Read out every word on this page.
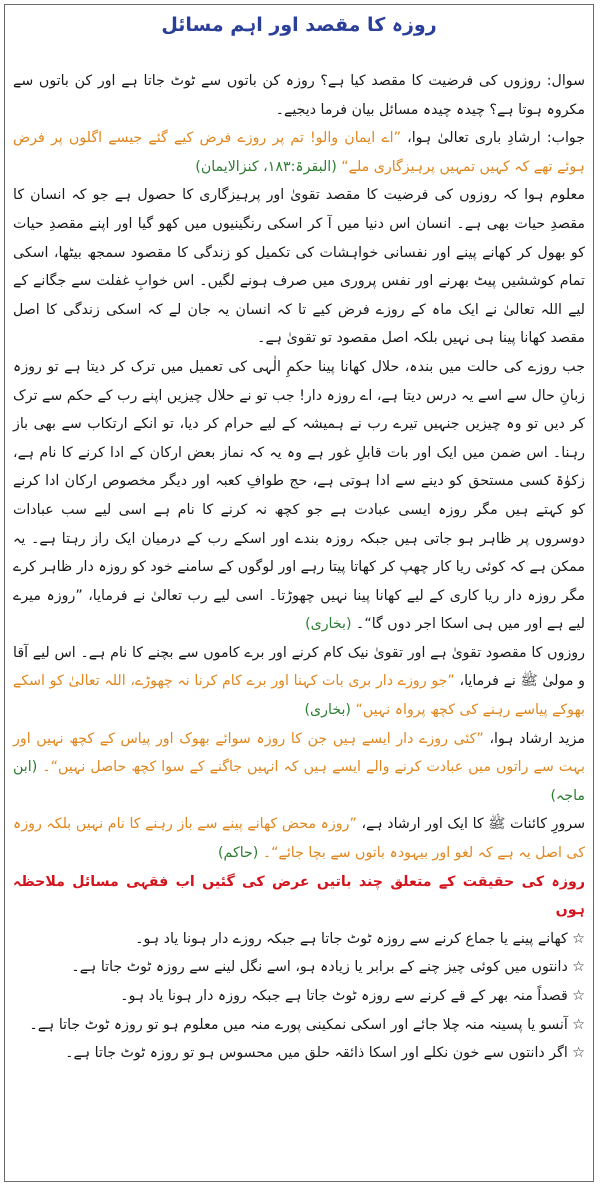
روزہ کا مقصد اور اہم مسائل

سوال: روزوں کی فرضیت کا مقصد کیا ہے؟ روزہ کن باتوں سے ٹوٹ جاتا ہے اور کن باتوں سے مکروہ ہوتا ہے؟ چیدہ چیدہ مسائل بیان فرما دیجیے۔

جواب: ارشادِ باری تعالیٰ ہوا، ”اے ایمان والو! تم پر روزے فرض کیے گئے جیسے اگلوں پر فرض ہوئے تھے کہ کہیں تمہیں پرہیزگاری ملے“ (البقرۃ:۱۸۳، کنزالایمان)

معلوم ہوا کہ روزوں کی فرضیت کا مقصد تقویٰ اور پرہیزگاری کا حصول ہے جو کہ انسان کا مقصدِ حیات بھی ہے۔ انسان اس دنیا میں آ کر اسکی رنگینیوں میں کھو گیا اور اپنے مقصدِ حیات کو بھول کر کھانے پینے اور نفسانی خواہشات کی تکمیل کو زندگی کا مقصود سمجھ بیٹھا، اسکی تمام کوششیں پیٹ بھرنے اور نفس پروری میں صرف ہونے لگیں۔ اس خوابِ غفلت سے جگانے کے لیے اللہ تعالیٰ نے ایک ماہ کے روزے فرض کیے تا کہ انسان یہ جان لے کہ اسکی زندگی کا اصل مقصد کھانا پینا ہی نہیں بلکہ اصل مقصود تو تقویٰ ہے۔

جب روزے کی حالت میں بندہ، حلال کھانا پینا حکمِ الٰہی کی تعمیل میں ترک کر دیتا ہے تو روزہ زبانِ حال سے اسے یہ درس دیتا ہے، اے روزہ دار! جب تو نے حلال چیزیں اپنے رب کے حکم سے ترک کر دیں تو وہ چیزیں جنہیں تیرے رب نے ہمیشہ کے لیے حرام کر دیا، تو انکے ارتکاب سے بھی باز رہنا۔ اس ضمن میں ایک اور بات قابلِ غور ہے وہ یہ کہ نماز بعض ارکان کے ادا کرنے کا نام ہے، زکوٰۃ کسی مستحق کو دینے سے ادا ہوتی ہے، حج طوافِ کعبہ اور دیگر مخصوص ارکان ادا کرنے کو کہتے ہیں مگر روزہ ایسی عبادت ہے جو کچھ نہ کرنے کا نام ہے اسی لیے سب عبادات دوسروں پر ظاہر ہو جاتی ہیں جبکہ روزہ بندے اور اسکے رب کے درمیان ایک راز رہتا ہے۔ یہ ممکن ہے کہ کوئی ریا کار چھپ کر کھاتا پیتا رہے اور لوگوں کے سامنے خود کو روزہ دار ظاہر کرے مگر روزہ دار ریا کاری کے لیے کھانا پینا نہیں چھوڑتا۔ اسی لیے رب تعالیٰ نے فرمایا، ”روزہ میرے لیے ہے اور میں ہی اسکا اجر دوں گا“۔ (بخاری)

روزوں کا مقصود تقویٰ ہے اور تقویٰ نیک کام کرنے اور برے کاموں سے بچنے کا نام ہے۔ اس لیے آقا و مولیٰ ﷺ نے فرمایا، ”جو روزے دار بری بات کہنا اور برے کام کرنا نہ چھوڑے، اللہ تعالیٰ کو اسکے بھوکے پیاسے رہنے کی کچھ پرواہ نہیں“ (بخاری)

مزید ارشاد ہوا، ”کئی روزے دار ایسے ہیں جن کا روزہ سوائے بھوک اور پیاس کے کچھ نہیں اور بہت سے راتوں میں عبادت کرنے والے ایسے ہیں کہ انہیں جاگنے کے سوا کچھ حاصل نہیں“۔ (ابن ماجہ)

سرورِ کائنات ﷺ کا ایک اور ارشاد ہے، ”روزہ محض کھانے پینے سے باز رہنے کا نام نہیں بلکہ روزہ کی اصل یہ ہے کہ لغو اور بیہودہ باتوں سے بچا جائے“۔ (حاکم)

روزہ کی حقیقت کے متعلق چند باتیں عرض کی گئیں اب فقہی مسائل ملاحظہ ہوں

☆ کھانے پینے یا جماع کرنے سے روزہ ٹوٹ جاتا ہے جبکہ روزے دار ہونا یاد ہو۔

☆ دانتوں میں کوئی چیز چنے کے برابر یا زیادہ ہو، اسے نگل لینے سے روزہ ٹوٹ جاتا ہے۔

☆ قصداً منہ بھر کے قے کرنے سے روزہ ٹوٹ جاتا ہے جبکہ روزہ دار ہونا یاد ہو۔

☆ آنسو یا پسینہ منہ چلا جائے اور اسکی نمکینی پورے منہ میں معلوم ہو تو روزہ ٹوٹ جاتا ہے۔

☆ اگر دانتوں سے خون نکلے اور اسکا ذائقہ حلق میں محسوس ہو تو روزہ ٹوٹ جاتا ہے۔
